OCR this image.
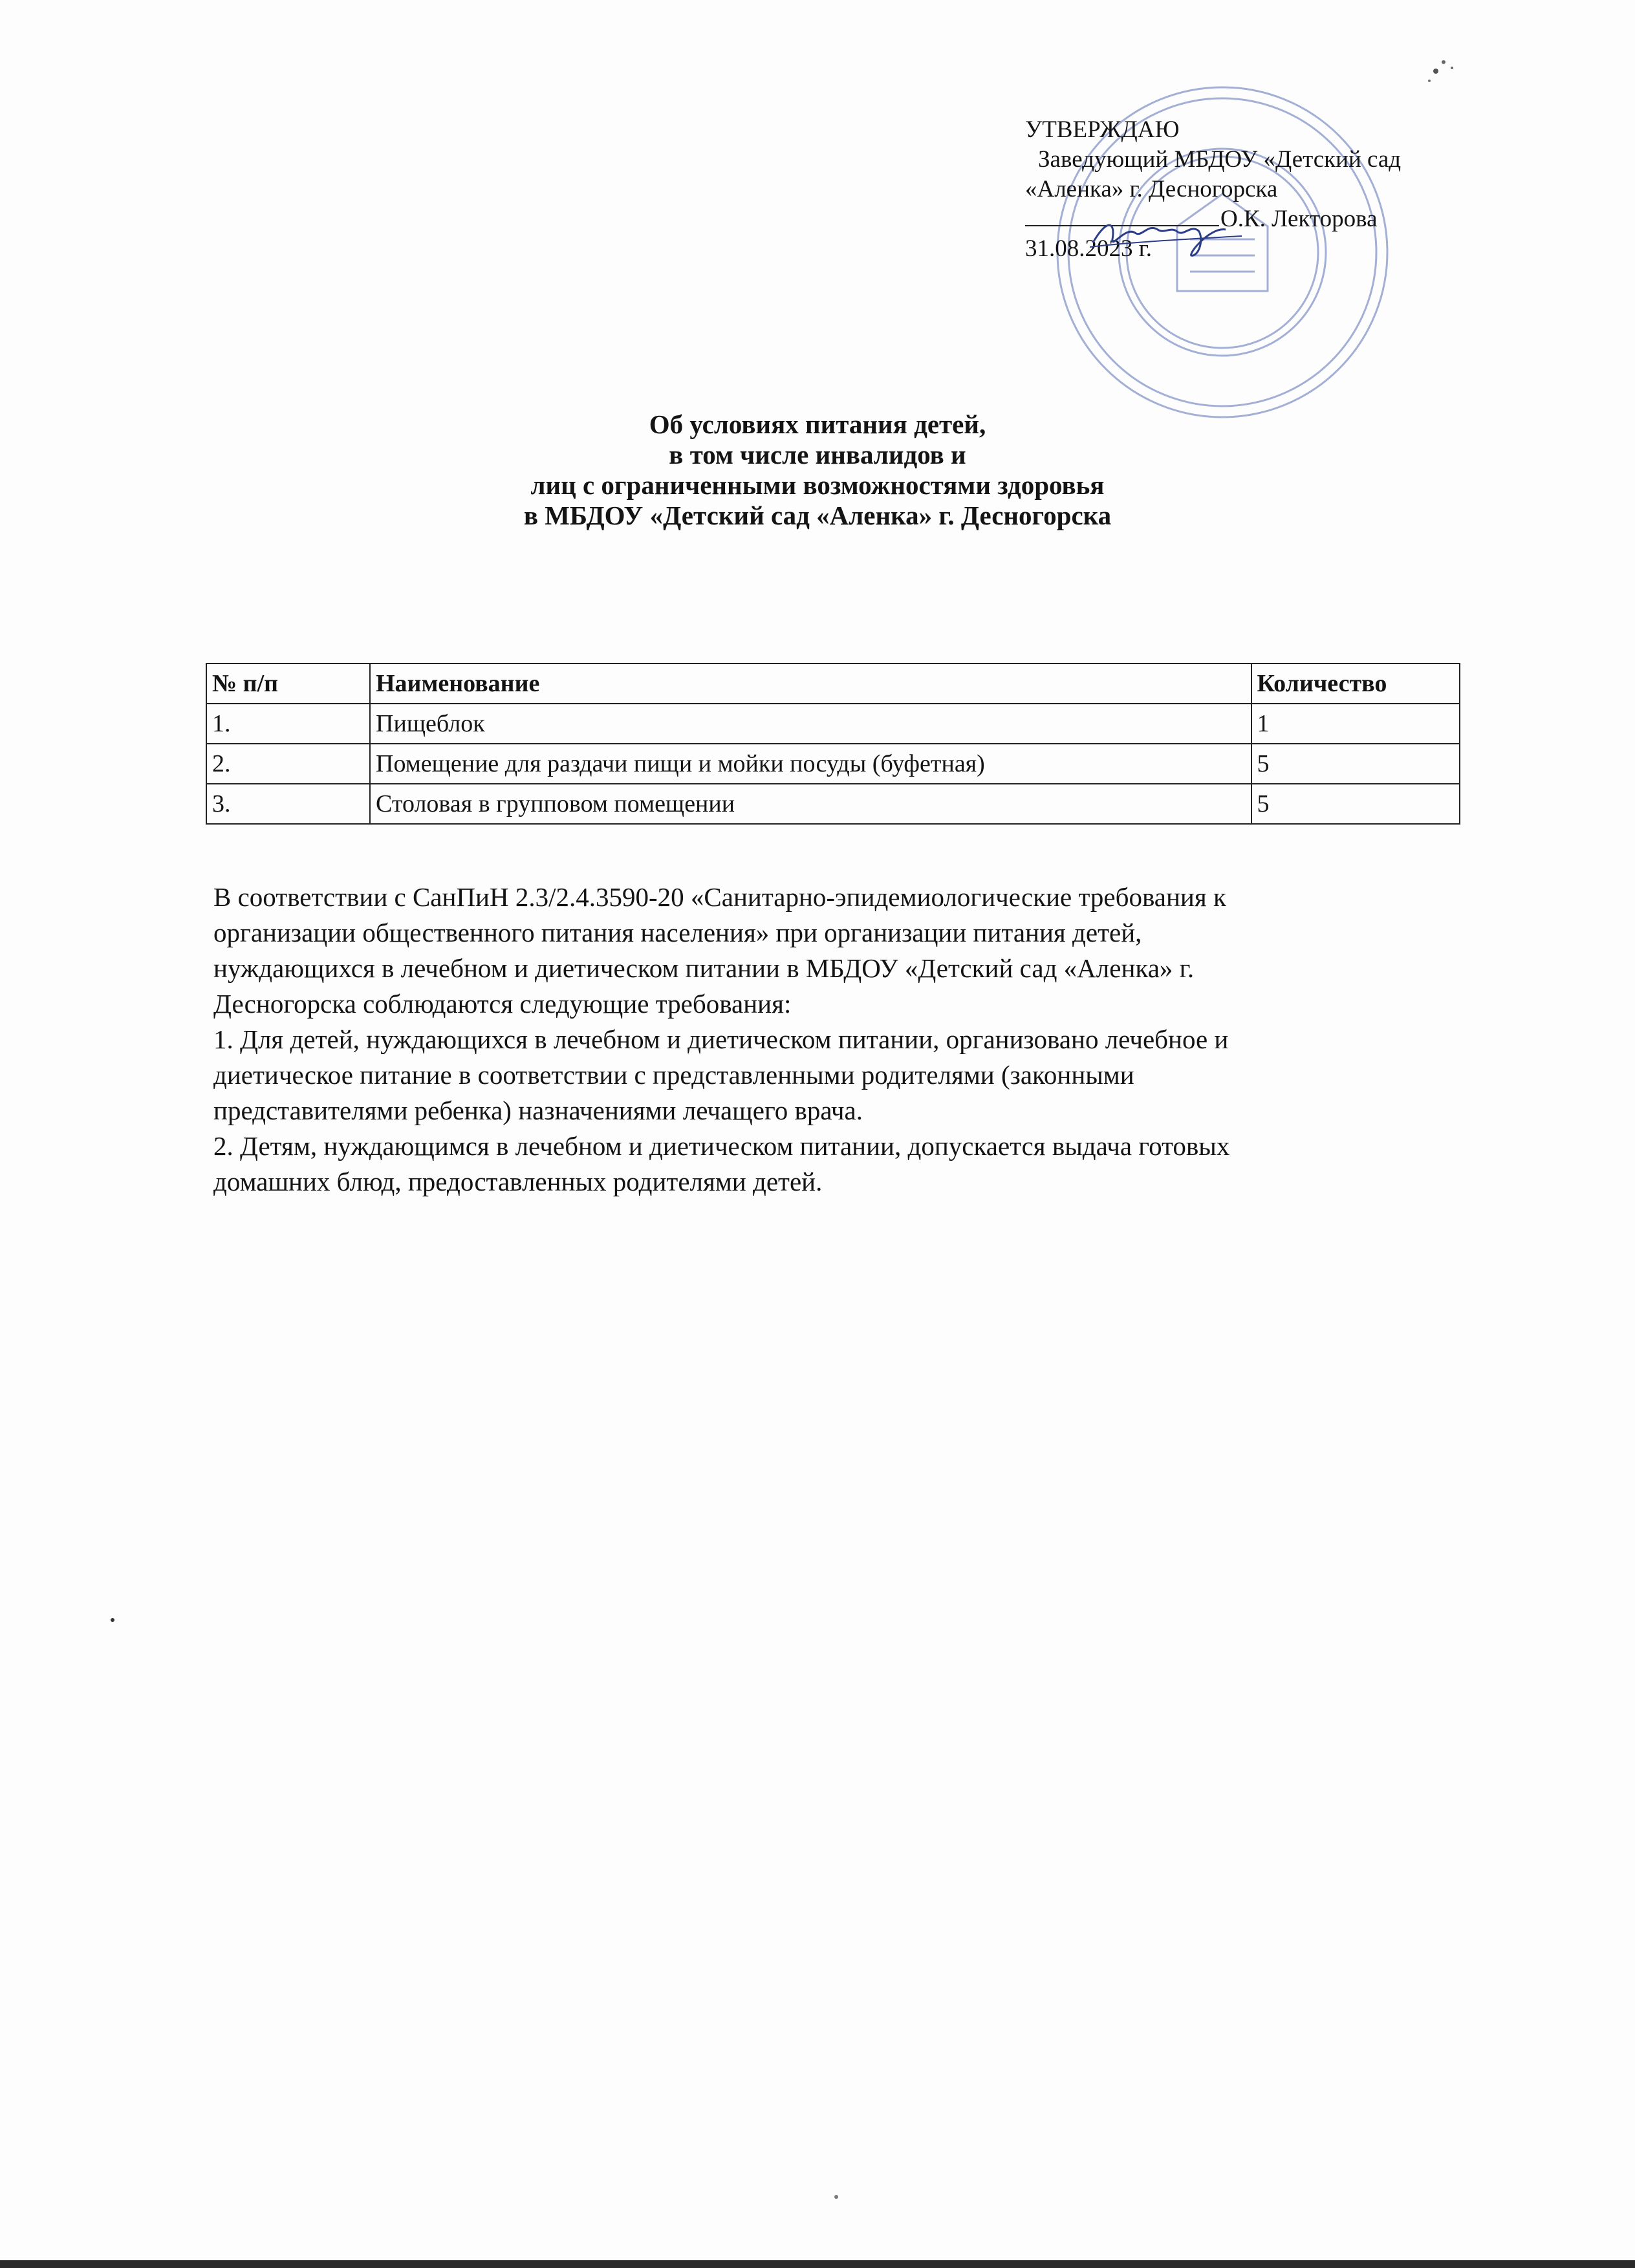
УТВЕРЖДАЮ
Заведующий МБДОУ «Детский сад
«Аленка» г. Десногорска
О.К. Лекторова
31.08.2023 г.
Об условиях питания детей,
в том числе инвалидов и
лиц с ограниченными возможностями здоровья
в МБДОУ «Детский сад «Аленка» г. Десногорска
№ п/п	Наименование	Количество
1.	Пищеблок	1
2.	Помещение для раздачи пищи и мойки посуды (буфетная)	5
3.	Столовая в групповом помещении	5

В соответствии с СанПиН 2.3/2.4.3590-20 «Санитарно-эпидемиологические требования к

организации общественного питания населения» при организации питания детей,

нуждающихся в лечебном и диетическом питании в МБДОУ «Детский сад «Аленка» г.

Десногорска соблюдаются следующие требования:

1. Для детей, нуждающихся в лечебном и диетическом питании, организовано лечебное и

диетическое питание в соответствии с представленными родителями (законными

представителями ребенка) назначениями лечащего врача.

2. Детям, нуждающимся в лечебном и диетическом питании, допускается выдача готовых

домашних блюд, предоставленных родителями детей.
